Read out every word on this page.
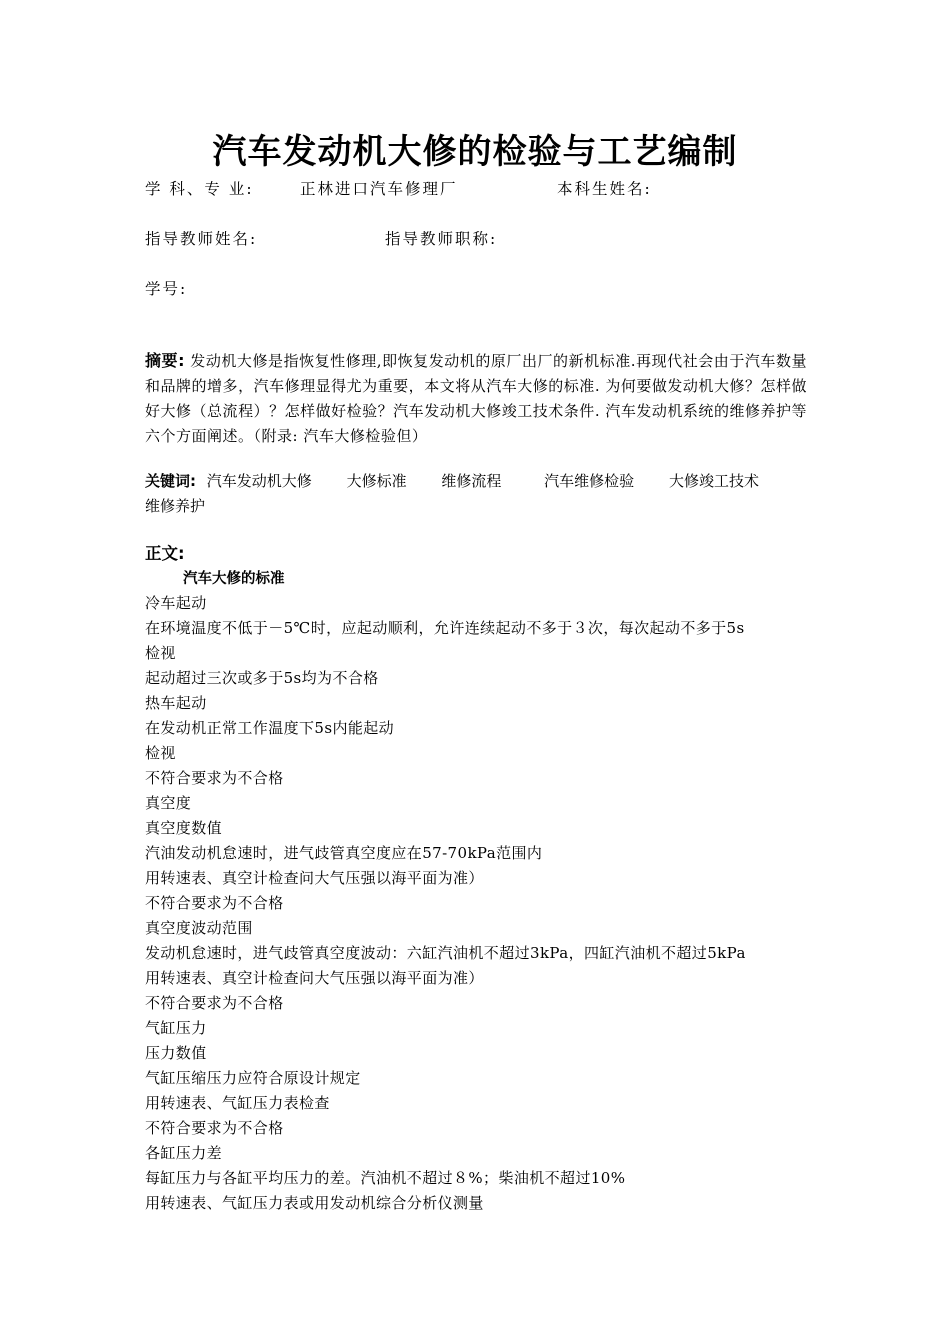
汽车发动机大修的检验与工艺编制
学 科、专 业:	正林进口汽车修理厂	本科生姓名:
指导教师姓名:	指导教师职称:
学号:
摘要: 发动机大修是指恢复性修理,即恢复发动机的原厂出厂的新机标准.再现代社会由于汽车数量和品牌的增多，汽车修理显得尤为重要，本文将从汽车大修的标准. 为何要做发动机大修？怎样做好大修（总流程）？怎样做好检验？汽车发动机大修竣工技术条件. 汽车发动机系统的维修养护等六个方面阐述。（附录: 汽车大修检验但）
关键词: 汽车发动机大修 大修标准 维修流程	汽车维修检验 大修竣工技术
维修养护
正文:
汽车大修的标准
冷车起动
在环境温度不低于－5℃时，应起动顺利，允许连续起动不多于３次，每次起动不多于5s
检视
起动超过三次或多于5s均为不合格
热车起动
在发动机正常工作温度下5s内能起动
检视
不符合要求为不合格
真空度
真空度数值
汽油发动机怠速时，进气歧管真空度应在57-70kPa范围内
用转速表、真空计检查问大气压强以海平面为准）
不符合要求为不合格
真空度波动范围
发动机怠速时，进气歧管真空度波动：六缸汽油机不超过3kPa，四缸汽油机不超过5kPa
用转速表、真空计检查问大气压强以海平面为准）
不符合要求为不合格
气缸压力
压力数值
气缸压缩压力应符合原设计规定
用转速表、气缸压力表检查
不符合要求为不合格
各缸压力差
每缸压力与各缸平均压力的差。汽油机不超过８%；柴油机不超过10%
用转速表、气缸压力表或用发动机综合分析仪测量
